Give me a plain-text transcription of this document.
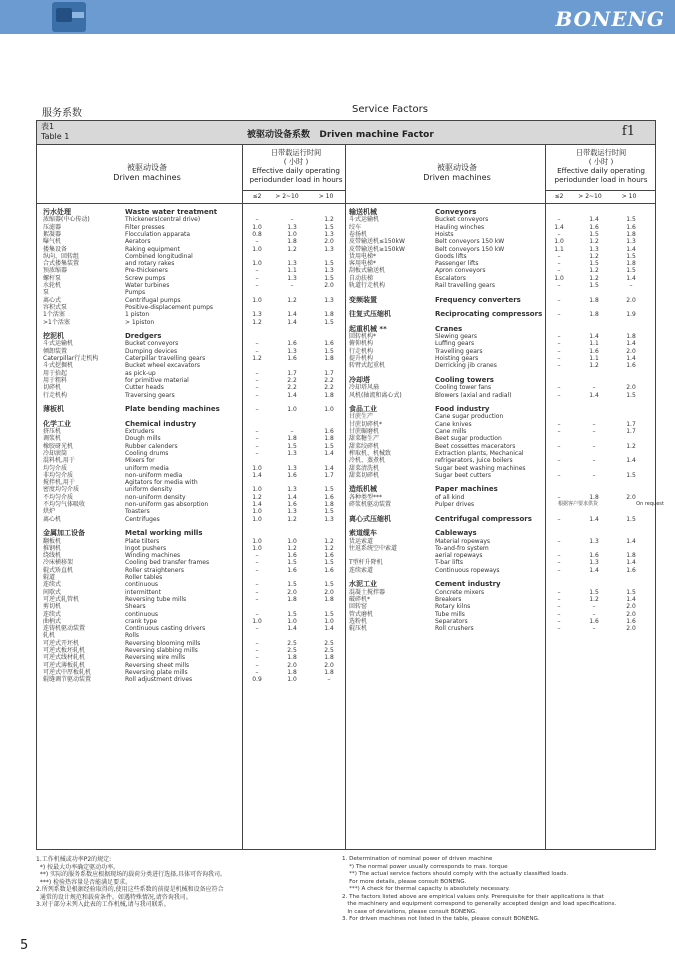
BONENG
服务系数	Service Factors
表1
Table 1	被驱动设备系数   Driven machine Factor	f1
被驱动设备
Driven machines
日带载运行时间
( 小时 )
Effective daily operating
periodunder load in hours
被驱动设备
Driven machines
日带载运行时间
( 小时 )
Effective daily operating
periodunder load in hours
≤2	> 2~10	> 10	≤2	> 2~10	> 10
污水处理	Waste water treatment
浓缩器(中心传动)	Thickeners(central drive)	–	–	1.2
压滤器	Filter presses	1.0	1.3	1.5
絮凝器	Flocculation apparata	0.8	1.0	1.3
曝气机	Aerators	–	1.8	2.0
搂集设备	Raking equipment	1.0	1.2	1.3
纵向、回转组	Combined longitudinal
合式搂集装置	and rotary rakes	1.0	1.3	1.5
预浓缩器	Pre-thickeners	–	1.1	1.3
螺杆泵	Screw pumps	–	1.3	1.5
水轮机	Water turbines	–	–	2.0
泵	Pumps
离心式	Centrifugal pumps	1.0	1.2	1.3
容积式泵	Positive-displacement pumps
1个活塞	1 piston	1.3	1.4	1.8
>1个活塞	> 1piston	1.2	1.4	1.5
挖泥机	Dredgers
斗式运输机	Bucket conveyors	–	1.6	1.6
倾卸装置	Dumping devices	–	1.3	1.5
Caterpillar行走机构	Caterpillar travelling gears	1.2	1.6	1.8
斗式挖掘机	Bucket wheel excavators
用于拾起	as pick-up	–	1.7	1.7
用于粗料	for primitive material	–	2.2	2.2
切碎机	Cutter heads	–	2.2	2.2
行走机构	Traversing gears	–	1.4	1.8
薄板机	Plate bending machines	–	1.0	1.0
化学工业	Chemical industry
挤压机	Extruders	–	–	1.6
调浆机	Dough mills	–	1.8	1.8
橡胶砑光机	Rubber calenders	–	1.5	1.5
冷却滚筒	Cooling drums	–	1.3	1.4
混料机,用于	Mixers for
均匀介质	uniform media	1.0	1.3	1.4
非均匀介质	non-uniform media	1.4	1.6	1.7
搅拌机,用于	Agitators for media with
密度均匀介质	uniform density	1.0	1.3	1.5
不均匀介质	non-uniform density	1.2	1.4	1.6
不均匀气体吸收	non-uniform gas absorption	1.4	1.6	1.8
烘炉	Toasters	1.0	1.3	1.5
离心机	Centrifuges	1.0	1.2	1.3
金属加工设备	Metal working mills
翻板机	Plate tilters	1.0	1.0	1.2
推钢机	Ingot pushers	1.0	1.2	1.2
绕线机	Winding machines	–	1.6	1.6
冷床横移架	Cooling bed transfer frames	–	1.5	1.5
辊式矫直机	Roller straighteners	–	1.6	1.6
辊道	Roller tables
连续式	continuous	–	1.5	1.5
间歇式	intermittent	–	2.0	2.0
可逆式轧管机	Reversing tube mills	–	1.8	1.8
剪切机	Shears
连续式	continuous	–	1.5	1.5
曲柄式	crank type	1.0	1.0	1.0
连铸机驱动装置	Continuous casting drivers	–	1.4	1.4
轧机	Rolls
可逆式开坯机	Reversing blooming mills	–	2.5	2.5
可逆式板坯轧机	Reversing slabbing mills	–	2.5	2.5
可逆式线材轧机	Reversing wire mills	–	1.8	1.8
可逆式薄板轧机	Reversing sheet mills	–	2.0	2.0
可逆式中厚板轧机	Reversing plate mills	–	1.8	1.8
辊缝调节驱动装置	Roll adjustment drives	0.9	1.0	–
输送机械	Conveyors
斗式运输机	Bucket conveyors	–	1.4	1.5
绞车	Hauling winches	1.4	1.6	1.6
卷扬机	Hoists	–	1.5	1.8
皮带输送机≤150kW	Belt conveyors 150 kW	1.0	1.2	1.3
皮带输送机≥150kW	Belt conveyors 150 kW	1.1	1.3	1.4
货用电梯*	Goods lifts	–	1.2	1.5
客用电梯*	Passenger lifts	–	1.5	1.8
刮板式输送机	Apron conveyors	–	1.2	1.5
自动扶梯	Escalators	1.0	1.2	1.4
轨道行走机构	Rail travelling gears	–	1.5	–
变频装置	Frequency converters	–	1.8	2.0
往复式压缩机	Reciprocating compressors	–	1.8	1.9
起重机械 **	Cranes
回转机构*	Slewing gears	–	1.4	1.8
俯仰机构	Luffing gears	–	1.1	1.4
行走机构	Travelling gears	–	1.6	2.0
提升机构	Hoisting gears	–	1.1	1.4
转臂式起重机	Derricking jib cranes	–	1.2	1.6
冷却塔	Cooling towers
冷却塔风扇	Cooling tower fans	–	–	2.0
风机(轴流和离心式)	Blowers (axial and radial)	–	1.4	1.5
食品工业	Food industry
甘蔗生产	Cane sugar production
甘蔗切碎机*	Cane knives	–	–	1.7
甘蔗碾磨机	Cane mills	–	–	1.7
甜菜糖生产	Beet sugar production
甜菜绞碎机	Beet cossettes macerators	–	–	1.2
榨取机、机械致	Extraction plants, Mechanical
冷机、蒸煮机	refrigerators, Juice boilers	–	–	1.4
甜菜清洗机	Sugar beet washing machines
甜菜切碎机	Sugar beet cutters	–	–	1.5
造纸机械	Paper machines
各种类型***	of all kind	–	1.8	2.0
碎浆机驱动装置	Pulper drives	根据客户要求供货	On request
离心式压缩机	Centrifugal compressors	–	1.4	1.5
索道缆车	Cableways
货运索道	Material ropeways	–	1.3	1.4
往返系统空中索道	To-and-fro system
aerial ropeways	–	1.6	1.8
T型杆升降机	T-bar lifts	–	1.3	1.4
连续索道	Continuous ropeways	–	1.4	1.6
水泥工业	Cement industry
混凝土搅拌器	Concrete mixers	–	1.5	1.5
破碎机*	Breakers	–	1.2	1.4
回转窑	Rotary kilns	–	–	2.0
管式磨机	Tube mills	–	–	2.0
选粉机	Separators	–	1.6	1.6
辊压机	Roll crushers	–	–	2.0
1.工作机械或功率P2的规定:
*) 按最大功率确定驱动功率。
**) 实际的服务系数应根据现场的载荷分类进行选择,具体可咨询我司。
***) 检验热容量是否能满足要求。
2.所列系数是根据经验取得的,使用这些系数的前提是机械和设备应符合
通常的设计规范和载荷条件。如遇特殊情况,请咨询我司。
3.对于部分未列入此表的工作机械,请与我司联系。
1. Determination of nominal power of driven machine
*) The normal power usually corresponds to max. torque
**) The actual service factors should comply with the actually classified loads.
For more details, please consult BONENG.
***) A check for thermal capacity is absolutely necessary.
2. The factors listed above are empirical values only. Prerequisite for their applications is that
the machinery and equipment correspond to generally accepted design and load specifications.
In case of deviations, please consult BONENG.
3. For driven machines not listed in the table, please consult BONENG.
5
